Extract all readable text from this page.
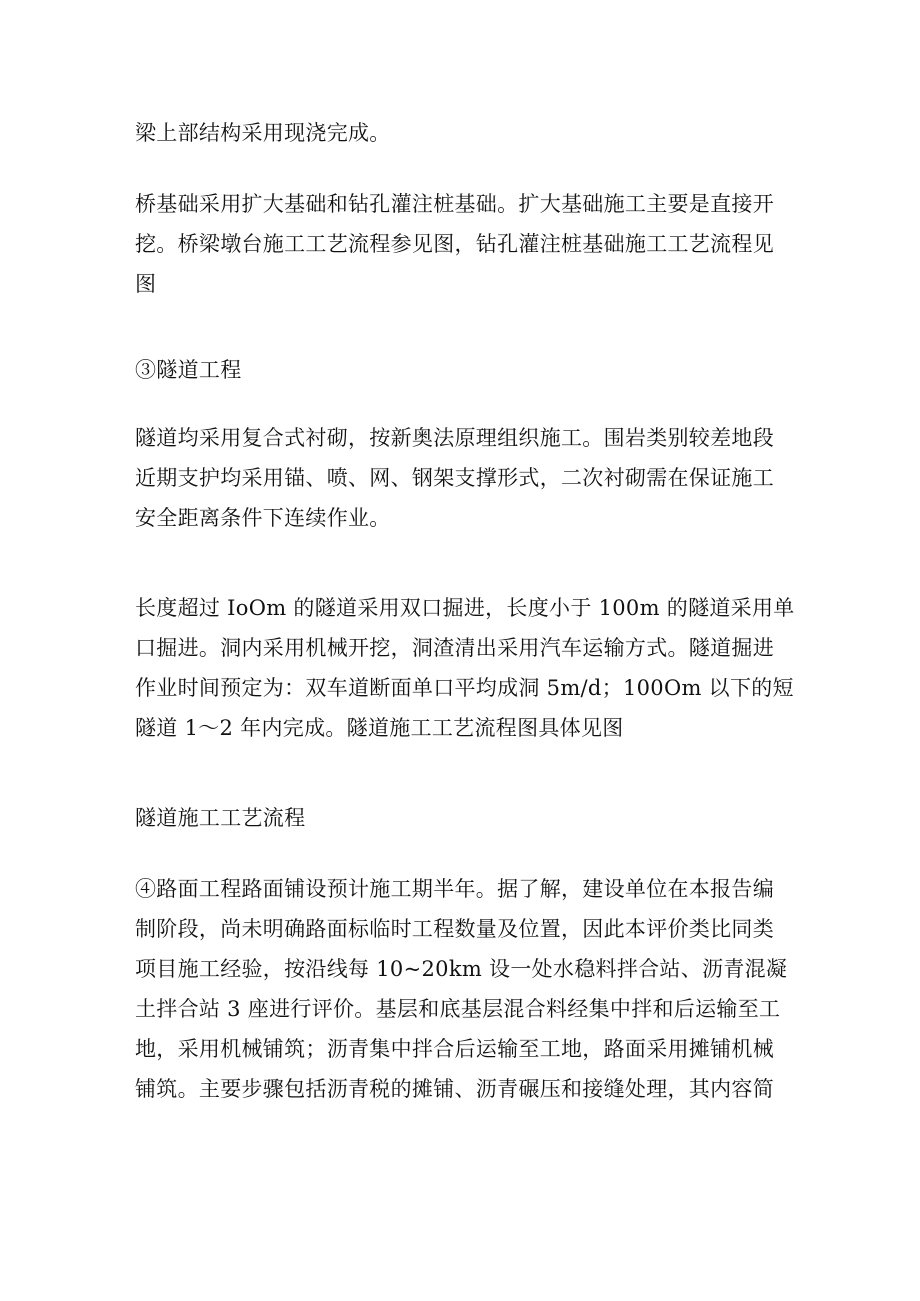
梁上部结构采用现浇完成。

桥基础采用扩大基础和钻孔灌注桩基础。扩大基础施工主要是直接开
挖。桥梁墩台施工工艺流程参见图，钻孔灌注桩基础施工工艺流程见
图

③隧道工程

隧道均采用复合式衬砌，按新奥法原理组织施工。围岩类别较差地段
近期支护均采用锚、喷、网、钢架支撑形式，二次衬砌需在保证施工
安全距离条件下连续作业。

长度超过 IoOm 的隧道采用双口掘进，长度小于 100m 的隧道采用单
口掘进。洞内采用机械开挖，洞渣清出采用汽车运输方式。隧道掘进
作业时间预定为：双车道断面单口平均成洞 5m/d；100Om 以下的短
隧道 1〜2 年内完成。隧道施工工艺流程图具体见图

隧道施工工艺流程

④路面工程路面铺设预计施工期半年。据了解，建设单位在本报告编
制阶段，尚未明确路面标临时工程数量及位置，因此本评价类比同类
项目施工经验，按沿线每 10~20km 设一处水稳料拌合站、沥青混凝
土拌合站 3 座进行评价。基层和底基层混合料经集中拌和后运输至工
地，采用机械铺筑；沥青集中拌合后运输至工地，路面采用摊铺机械
铺筑。主要步骤包括沥青税的摊铺、沥青碾压和接缝处理，其内容简
